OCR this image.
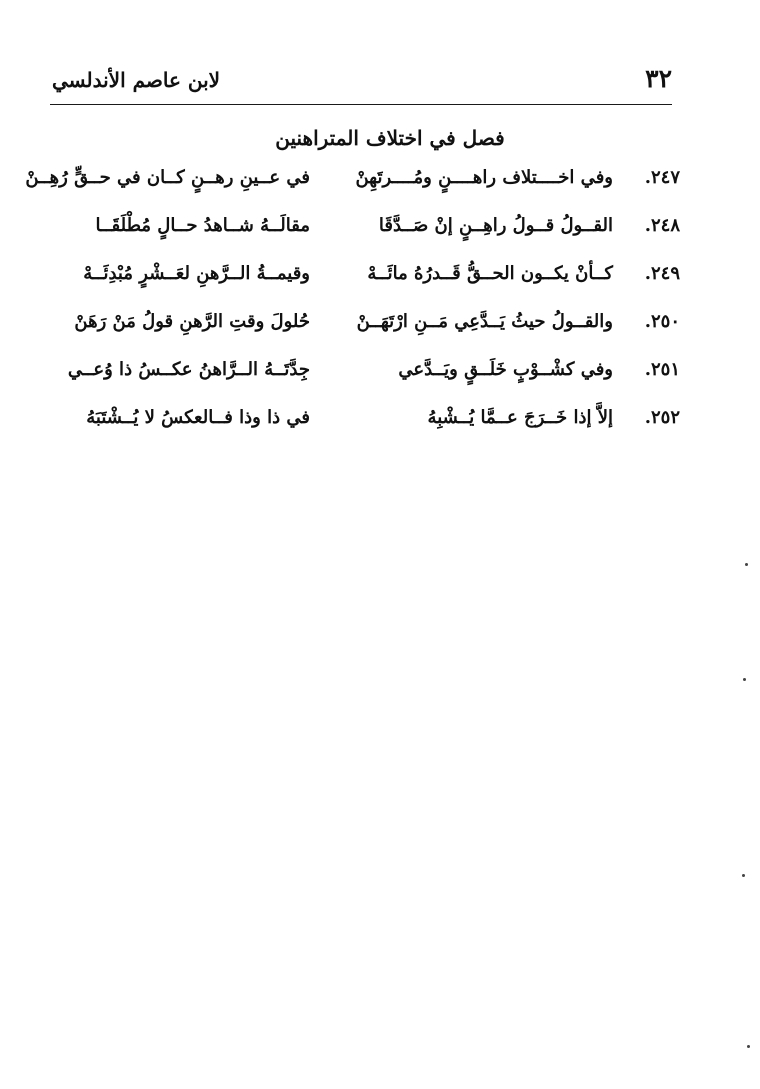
٣٢
لابن عاصم الأندلسي
فصل في اختلاف المتراهنين
٢٤٧.
وفي اخــــتلاف راهــــنٍ ومُــــرتَهِنْ
في عــينِ رهــنٍ كــان في حــقٍّ رُهِــنْ
٢٤٨.
القــولُ قــولُ راهِــنٍ إنْ صَــدَّقَا
مقالَــهُ شــاهدُ حــالٍ مُطْلَقَــا
٢٤٩.
كــأنْ يكــون الحــقُّ قَــدرُهُ مائَــهْ
وقيمــةُ الــرَّهنِ لعَــشْرٍ مُبْدِئَــهْ
٢٥٠.
والقــولُ حيثُ يَــدَّعِي مَــنِ ارْتَهَــنْ
حُلولَ وقتِ الرَّهنِ قولُ مَنْ رَهَنْ
٢٥١.
وفي كشْــوْبٍ خَلَــقٍ ويَــدَّعي
جِدَّتَــهُ الــرَّاهنُ عكــسُ ذا وُعــي
٢٥٢.
إلاَّ إذا خَــرَجَ عــمَّا يُــشْبِهُ
في ذا وذا فــالعكسُ لا يُــشْتَبَهُ
